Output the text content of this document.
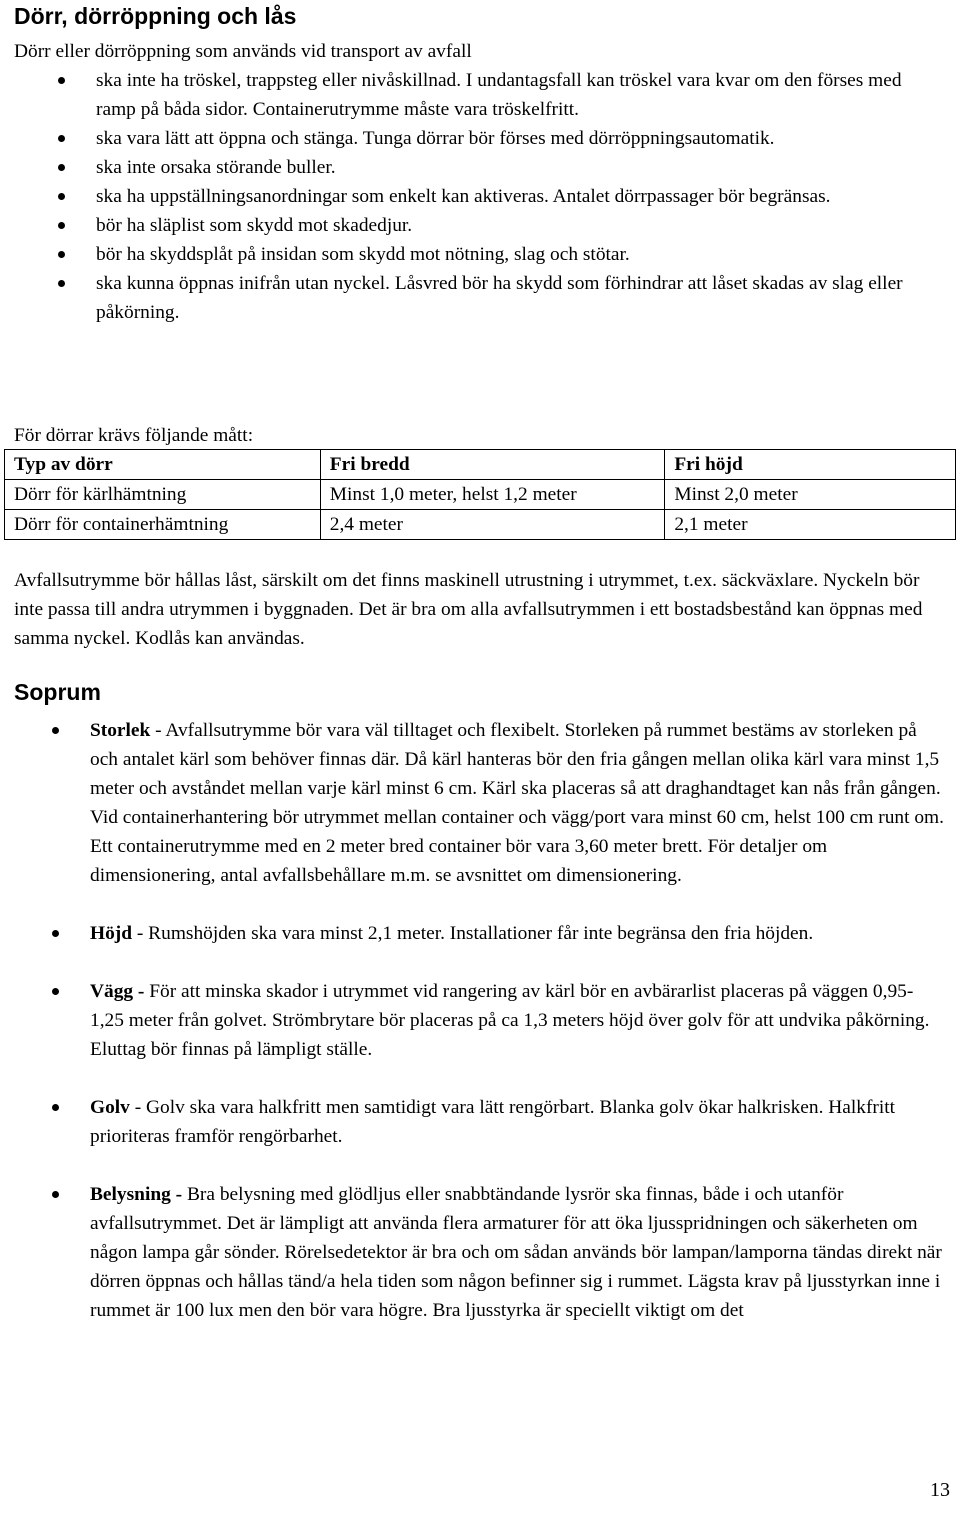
Dörr, dörröppning och lås

Dörr eller dörröppning som används vid transport av avfall

ska inte ha tröskel, trappsteg eller nivåskillnad. I undantagsfall kan tröskel vara kvar om den förses med ramp på båda sidor. Containerutrymme måste vara tröskelfritt.
ska vara lätt att öppna och stänga. Tunga dörrar bör förses med dörröppningsautomatik.
ska inte orsaka störande buller.
ska ha uppställningsanordningar som enkelt kan aktiveras. Antalet dörrpassager bör begränsas.
bör ha släplist som skydd mot skadedjur.
bör ha skyddsplåt på insidan som skydd mot nötning, slag och stötar.
ska kunna öppnas inifrån utan nyckel. Låsvred bör ha skydd som förhindrar att låset skadas av slag eller påkörning.

För dörrar krävs följande mått:

Typ av dörr	Fri bredd	Fri höjd
Dörr för kärlhämtning	Minst 1,0 meter, helst 1,2 meter	Minst 2,0 meter
Dörr för containerhämtning	2,4 meter	2,1 meter

Avfallsutrymme bör hållas låst, särskilt om det finns maskinell utrustning i utrymmet, t.ex. säckväxlare. Nyckeln bör inte passa till andra utrymmen i byggnaden. Det är bra om alla avfallsutrymmen i ett bostadsbestånd kan öppnas med samma nyckel. Kodlås kan användas.

Soprum
Storlek - Avfallsutrymme bör vara väl tilltaget och flexibelt. Storleken på rummet bestäms av storleken på och antalet kärl som behöver finnas där. Då kärl hanteras bör den fria gången mellan olika kärl vara minst 1,5 meter och avståndet mellan varje kärl minst 6 cm. Kärl ska placeras så att draghandtaget kan nås från gången. Vid containerhantering bör utrymmet mellan container och vägg/port vara minst 60 cm, helst 100 cm runt om. Ett containerutrymme med en 2 meter bred container bör vara 3,60 meter brett. För detaljer om dimensionering, antal avfallsbehållare m.m. se avsnittet om dimensionering.
Höjd - Rumshöjden ska vara minst 2,1 meter. Installationer får inte begränsa den fria höjden.
Vägg - För att minska skador i utrymmet vid rangering av kärl bör en avbärarlist placeras på väggen 0,95-1,25 meter från golvet. Strömbrytare bör placeras på ca 1,3 meters höjd över golv för att undvika påkörning. Eluttag bör finnas på lämpligt ställe.
Golv - Golv ska vara halkfritt men samtidigt vara lätt rengörbart. Blanka golv ökar halkrisken. Halkfritt prioriteras framför rengörbarhet.
Belysning - Bra belysning med glödljus eller snabbtändande lysrör ska finnas, både i och utanför avfallsutrymmet. Det är lämpligt att använda flera armaturer för att öka ljusspridningen och säkerheten om någon lampa går sönder. Rörelsedetektor är bra och om sådan används bör lampan/lamporna tändas direkt när dörren öppnas och hållas tänd/a hela tiden som någon befinner sig i rummet. Lägsta krav på ljusstyrkan inne i rummet är 100 lux men den bör vara högre. Bra ljusstyrka är speciellt viktigt om det
13
